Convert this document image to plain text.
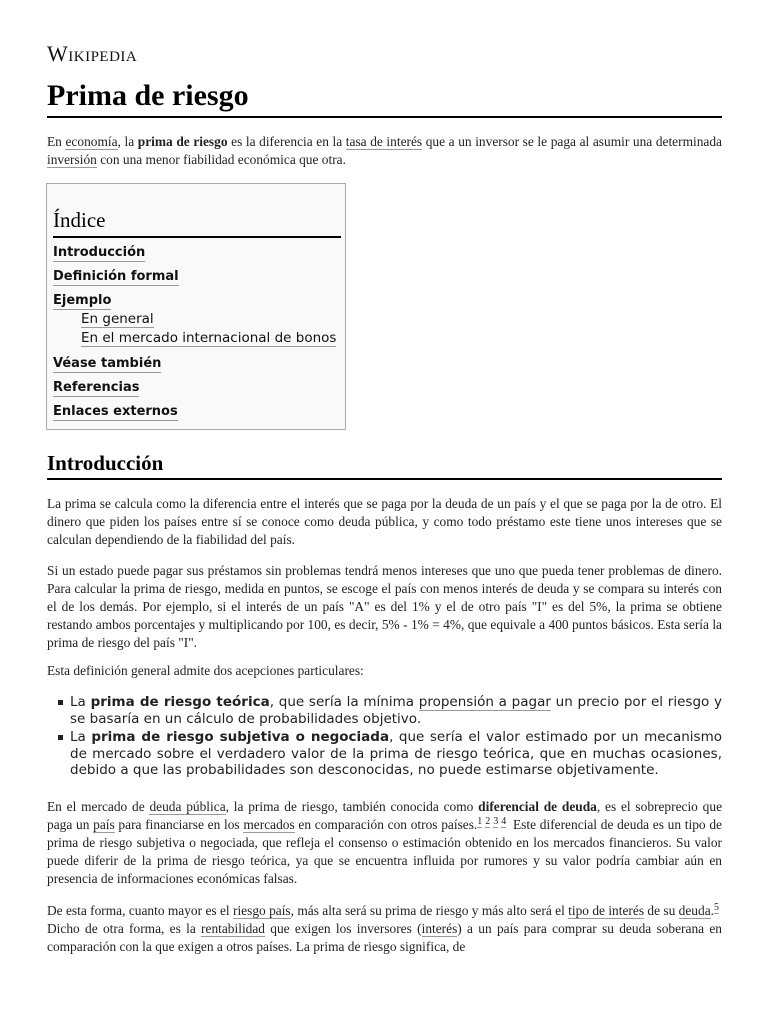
Wikipedia
Prima de riesgo

En economía, la prima de riesgo es la diferencia en la tasa de interés que a un inversor se le paga al asumir una determinada inversión con una menor fiabilidad económica que otra.

Índice
Introducción
Definición formal
Ejemplo
En general
En el mercado internacional de bonos
Véase también
Referencias
Enlaces externos
Introducción

La prima se calcula como la diferencia entre el interés que se paga por la deuda de un país y el que se paga por la de otro. El dinero que piden los países entre sí se conoce como deuda pública, y como todo préstamo este tiene unos intereses que se calculan dependiendo de la fiabilidad del país.

Si un estado puede pagar sus préstamos sin problemas tendrá menos intereses que uno que pueda tener problemas de dinero. Para calcular la prima de riesgo, medida en puntos, se escoge el país con menos interés de deuda y se compara su interés con el de los demás. Por ejemplo, si el interés de un país "A" es del 1% y el de otro país "I" es del 5%, la prima se obtiene restando ambos porcentajes y multiplicando por 100, es decir, 5% - 1% = 4%, que equivale a 400 puntos básicos. Esta sería la prima de riesgo del país "I".

Esta definición general admite dos acepciones particulares:

La prima de riesgo teórica, que sería la mínima propensión a pagar un precio por el riesgo y se basaría en un cálculo de probabilidades objetivo.
La prima de riesgo subjetiva o negociada, que sería el valor estimado por un mecanismo de mercado sobre el verdadero valor de la prima de riesgo teórica, que en muchas ocasiones, debido a que las probabilidades son desconocidas, no puede estimarse objetivamente.

En el mercado de deuda pública, la prima de riesgo, también conocida como diferencial de deuda, es el sobreprecio que paga un país para financiarse en los mercados en comparación con otros países.$^{1 2 3 4}$ Este diferencial de deuda es un tipo de prima de riesgo subjetiva o negociada, que refleja el consenso o estimación obtenido en los mercados financieros. Su valor puede diferir de la prima de riesgo teórica, ya que se encuentra influida por rumores y su valor podría cambiar aún en presencia de informaciones económicas falsas.

De esta forma, cuanto mayor es el riesgo país, más alta será su prima de riesgo y más alto será el tipo de interés de su deuda.$^5$ Dicho de otra forma, es la rentabilidad que exigen los inversores (interés) a un país para comprar su deuda soberana en comparación con la que exigen a otros países. La prima de riesgo significa, de
